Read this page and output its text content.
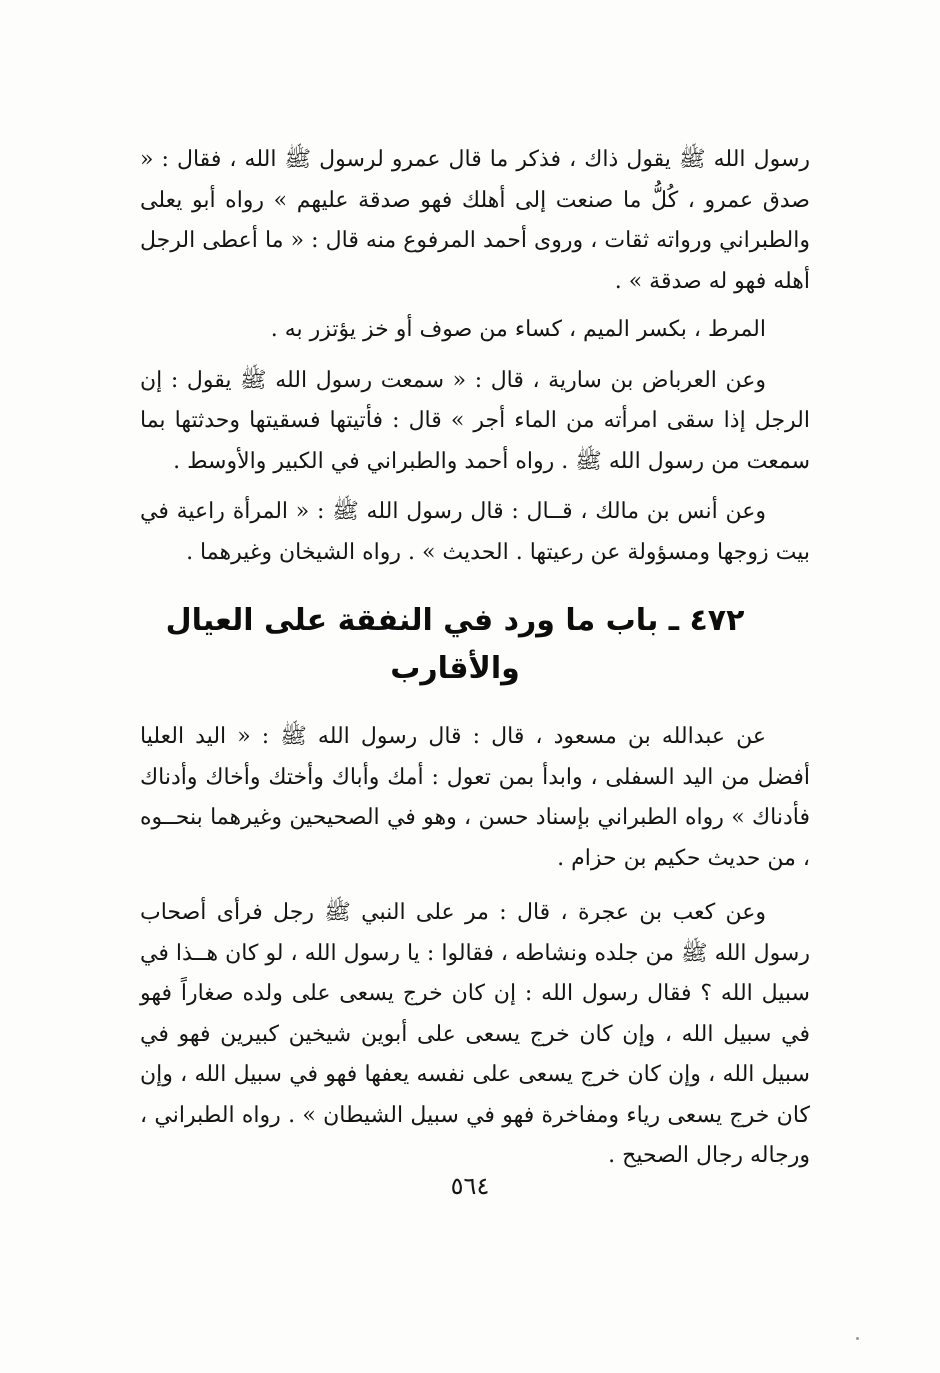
رسول الله ﷺ يقول ذاك ، فذكر ما قال عمرو لرسول ﷺ الله ، فقال : « صدق عمرو ، كُلُّ ما صنعت إلى أهلك فهو صدقة عليهم » رواه أبو يعلى والطبراني ورواته ثقات ، وروى أحمد المرفوع منه قال : « ما أعطى الرجل أهله فهو له صدقة » .

المرط ، بكسر الميم ، كساء من صوف أو خز يؤتزر به .

وعن العرباض بن سارية ، قال : « سمعت رسول الله ﷺ يقول : إن الرجل إذا سقى امرأته من الماء أجر » قال : فأتيتها فسقيتها وحدثتها بما سمعت من رسول الله ﷺ . رواه أحمد والطبراني في الكبير والأوسط .

وعن أنس بن مالك ، قــال : قال رسول الله ﷺ : « المرأة راعية في بيت زوجها ومسؤولة عن رعيتها . الحديث » . رواه الشيخان وغيرهما .

٤٧٢ ـ باب ما ورد في النفقة على العيال والأقارب

عن عبدالله بن مسعود ، قال : قال رسول الله ﷺ : « اليد العليا أفضل من اليد السفلى ، وابدأ بمن تعول : أمك وأباك وأختك وأخاك وأدناك فأدناك » رواه الطبراني بإسناد حسن ، وهو في الصحيحين وغيرهما بنحــوه ، من حديث حكيم بن حزام .

وعن كعب بن عجرة ، قال : مر على النبي ﷺ رجل فرأى أصحاب رسول الله ﷺ من جلده ونشاطه ، فقالوا : يا رسول الله ، لو كان هــذا في سبيل الله ؟ فقال رسول الله : إن كان خرج يسعى على ولده صغاراً فهو في سبيل الله ، وإن كان خرج يسعى على أبوين شيخين كبيرين فهو في سبيل الله ، وإن كان خرج يسعى على نفسه يعفها فهو في سبيل الله ، وإن كان خرج يسعى رياء ومفاخرة فهو في سبيل الشيطان » . رواه الطبراني ، ورجاله رجال الصحيح .

٥٦٤
